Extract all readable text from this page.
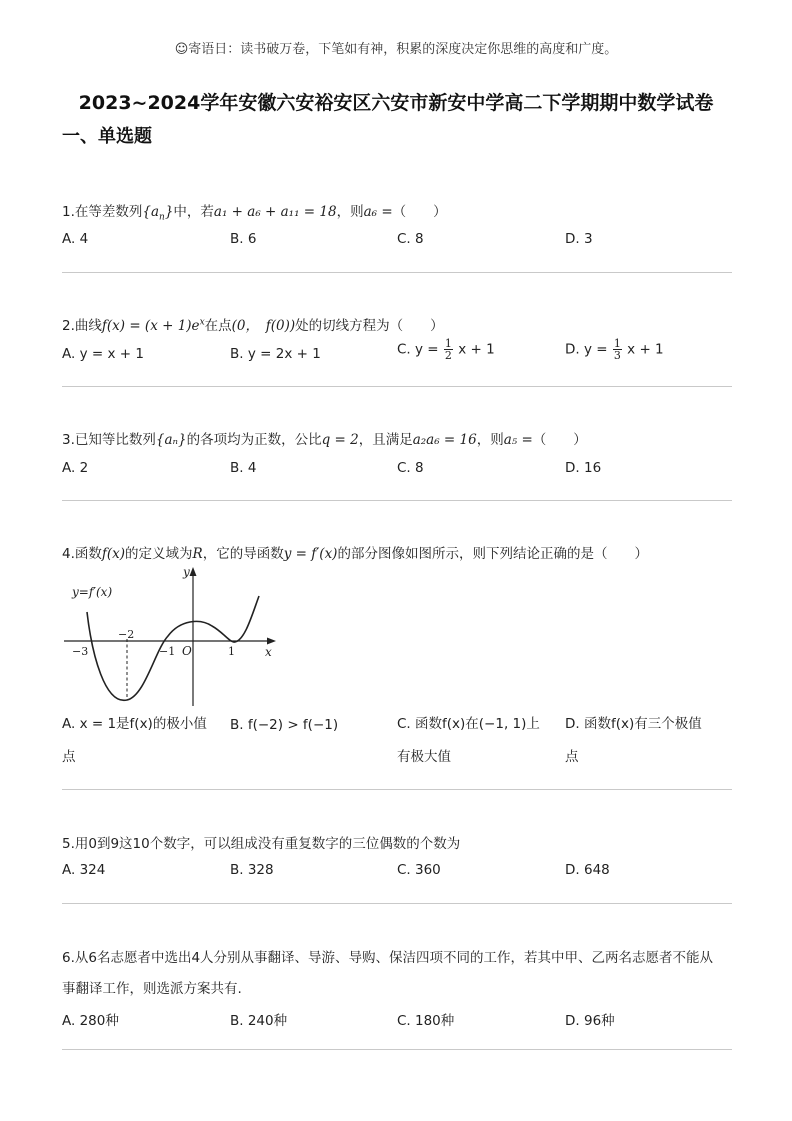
☺寄语日：读书破万卷，下笔如有神，积累的深度决定你思维的高度和广度。
2023~2024学年安徽六安裕安区六安市新安中学高二下学期期中数学试卷
一、单选题
1.在等差数列$\{a_n\}$中，若a₁ + a₆ + a₁₁ = 18，则a₆ =（　　）
A. 4	B. 6	C. 8	D. 3
2.曲线$f(x) = (x + 1)e^x$在点(0，　f(0))处的切线方程为（　　）
A. y = x + 1	B. y = 2x + 1	C. $y = \frac{1}{2}$ x + 1	D. $y = \frac{1}{3}$ x + 1
3.已知等比数列{aₙ}的各项均为正数，公比q = 2，且满足a₂a₆ = 16，则a₅ =（　　）
A. 2	B. 4	C. 8	D. 16
4.函数f(x)的定义域为R，它的导函数y = f′(x)的部分图像如图所示，则下列结论正确的是（　　）
y=f′(x)
y
x
O
−3
−2
−1	1
A. x = 1是f(x)的极小值点
B. f(−2) > f(−1)	C. 函数f(x)在(−1, 1)上有极大值
D. 函数f(x)有三个极值点
5.用0到9这10个数字，可以组成没有重复数字的三位偶数的个数为
A. 324	B. 328	C. 360	D. 648
6.从6名志愿者中选出4人分别从事翻译、导游、导购、保洁四项不同的工作，若其中甲、乙两名志愿者不能从
事翻译工作，则选派方案共有.
A. 280种	B. 240种	C. 180种	D. 96种
